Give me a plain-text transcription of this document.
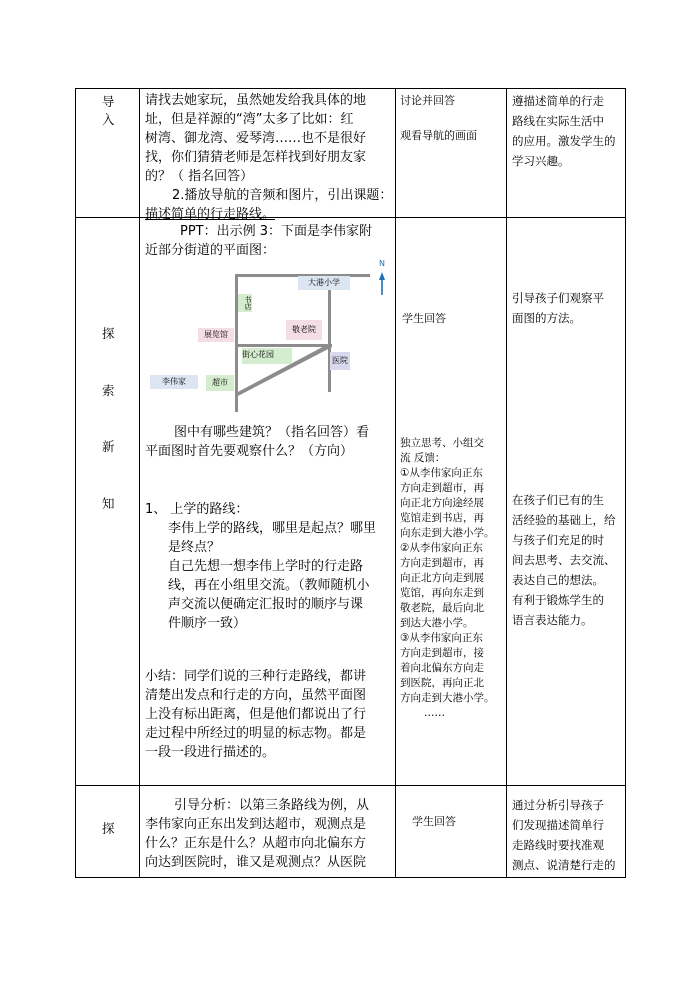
导
入
请找去她家玩，虽然她发给我具体的地
址，但是祥源的“湾”太多了比如：红
树湾、御龙湾、爱琴湾……也不是很好
找，你们猜猜老师是怎样找到好朋友家
的？（ 指名回答）
2.播放导航的音频和图片，引出课题：
描述简单的行走路线。
讨论并回答
观看导航的画面
遵描述简单的行走
路线在实际生活中
的应用。激发学生的
学习兴趣。
探
索
新
知
PPT：出示例 3：下面是李伟家附
近部分街道的平面图：
大港小学
书店
敬老院
展览馆
街心花园
医院
李伟家	超市
N
图中有哪些建筑？（指名回答）看
平面图时首先要观察什么？（方向）
1、 上学的路线：
李伟上学的路线，哪里是起点？哪里
是终点？
自己先想一想李伟上学时的行走路
线，再在小组里交流。（教师随机小
声交流以便确定汇报时的顺序与课
件顺序一致）
小结：同学们说的三种行走路线，都讲
清楚出发点和行走的方向，虽然平面图
上没有标出距离，但是他们都说出了行
走过程中所经过的明显的标志物。都是
一段一段进行描述的。
学生回答
独立思考、小组交
流 反馈：
①从李伟家向正东
方向走到超市，再
向正北方向途经展
览馆走到书店，再
向东走到大港小学。
②从李伟家向正东
方向走到超市，再
向正北方向走到展
览馆，再向东走到
敬老院，最后向北
到达大港小学。
③从李伟家向正东
方向走到超市，接
着向北偏东方向走
到医院，再向正北
方向走到大港小学。
……
引导孩子们观察平
面图的方法。
在孩子们已有的生
活经验的基础上，给
与孩子们充足的时
间去思考、去交流、
表达自己的想法。
有利于锻炼学生的
语言表达能力。
探
引导分析：以第三条路线为例，从
李伟家向正东出发到达超市，观测点是
什么？正东是什么？从超市向北偏东方
向达到医院时，谁又是观测点？从医院
学生回答
通过分析引导孩子
们发现描述简单行
走路线时要找准观
测点、说清楚行走的
